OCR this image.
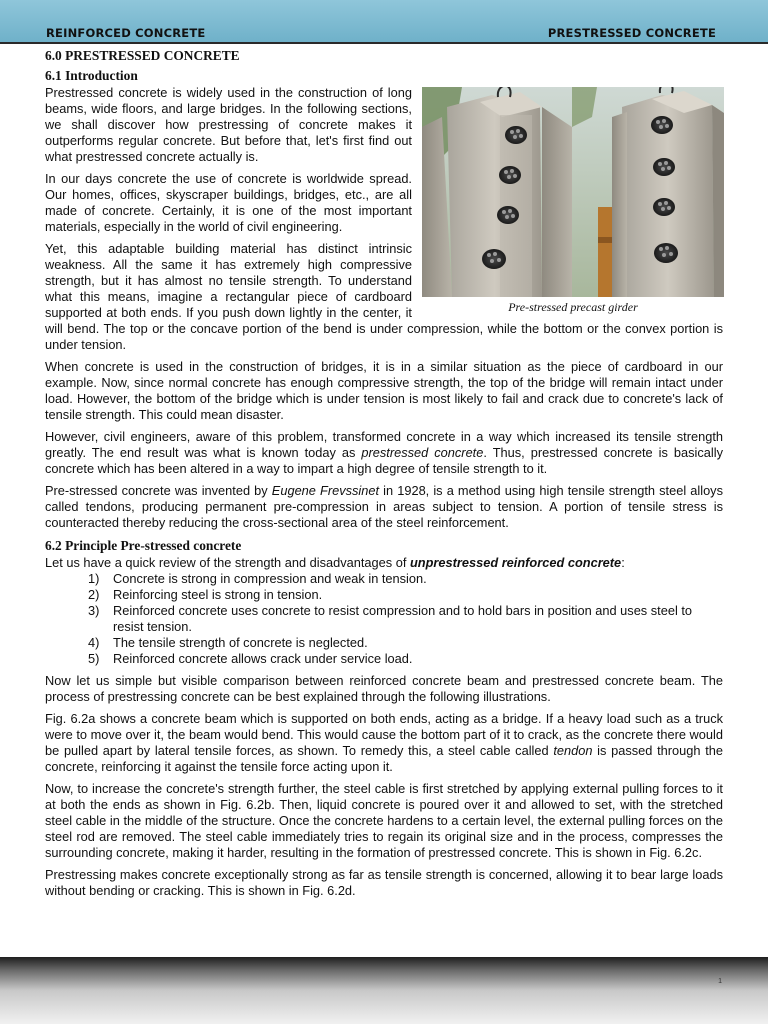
REINFORCED CONCRETE	PRESTRESSED CONCRETE
6.0 PRESTRESSED CONCRETE
6.1 Introduction
Pre-stressed precast girder

Prestressed concrete is widely used in the construction of long beams, wide floors, and large bridges. In the following sections, we shall discover how prestressing of concrete makes it outperforms regular concrete. But before that, let's first find out what prestressed concrete actually is.

In our days concrete the use of concrete is worldwide spread. Our homes, offices, skyscraper buildings, bridges, etc., are all made of concrete. Certainly, it is one of the most important materials, especially in the world of civil engineering.

Yet, this adaptable building material has distinct intrinsic weakness. All the same it has extremely high compressive strength, but it has almost no tensile strength. To understand what this means, imagine a rectangular piece of cardboard supported at both ends. If you push down lightly in the center, it will bend. The top or the concave portion of the bend is under compression, while the bottom or the convex portion is under tension.

When concrete is used in the construction of bridges, it is in a similar situation as the piece of cardboard in our example. Now, since normal concrete has enough compressive strength, the top of the bridge will remain intact under load. However, the bottom of the bridge which is under tension is most likely to fail and crack due to concrete's lack of tensile strength. This could mean disaster.

However, civil engineers, aware of this problem, transformed concrete in a way which increased its tensile strength greatly. The end result was what is known today as prestressed concrete. Thus, prestressed concrete is basically concrete which has been altered in a way to impart a high degree of tensile strength to it.

Pre-stressed concrete was invented by Eugene Frevssinet in 1928, is a method using high tensile strength steel alloys called tendons, producing permanent pre-compression in areas subject to tension. A portion of tensile stress is counteracted thereby reducing the cross-sectional area of the steel reinforcement.

6.2 Principle Pre-stressed concrete

Let us have a quick review of the strength and disadvantages of unprestressed reinforced concrete:

1)	Concrete is strong in compression and weak in tension.
2)	Reinforcing steel is strong in tension.
3)	Reinforced concrete uses concrete to resist compression and to hold bars in position and uses steel to resist tension.
4)	The tensile strength of concrete is neglected.
5)	Reinforced concrete allows crack under service load.

Now let us simple but visible comparison between reinforced concrete beam and prestressed concrete beam. The process of prestressing concrete can be best explained through the following illustrations.

Fig. 6.2a shows a concrete beam which is supported on both ends, acting as a bridge. If a heavy load such as a truck were to move over it, the beam would bend. This would cause the bottom part of it to crack, as the concrete there would be pulled apart by lateral tensile forces, as shown. To remedy this, a steel cable called tendon is passed through the concrete, reinforcing it against the tensile force acting upon it.

Now, to increase the concrete's strength further, the steel cable is first stretched by applying external pulling forces to it at both the ends as shown in Fig. 6.2b. Then, liquid concrete is poured over it and allowed to set, with the stretched steel cable in the middle of the structure. Once the concrete hardens to a certain level, the external pulling forces on the steel rod are removed. The steel cable immediately tries to regain its original size and in the process, compresses the surrounding concrete, making it harder, resulting in the formation of prestressed concrete. This is shown in Fig. 6.2c.

Prestressing makes concrete exceptionally strong as far as tensile strength is concerned, allowing it to bear large loads without bending or cracking. This is shown in Fig. 6.2d.

1
